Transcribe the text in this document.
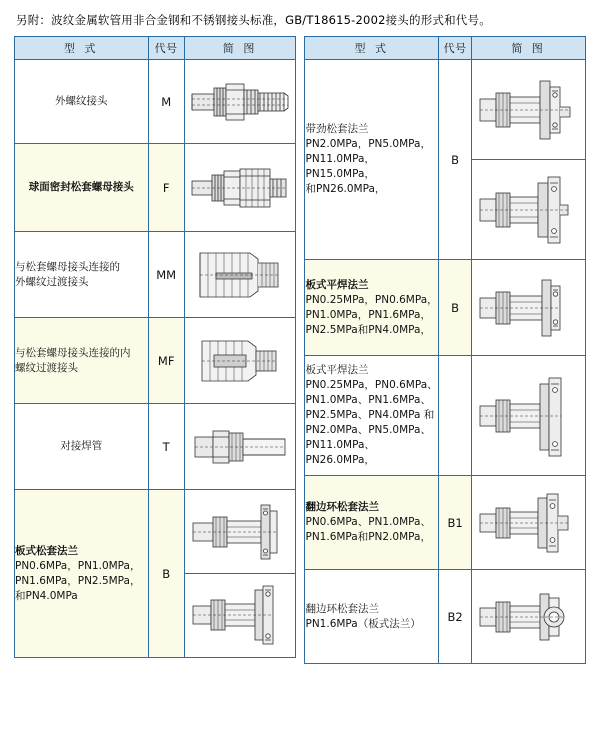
另附：波纹金属软管用非合金钢和不锈钢接头标准，GB/T18615-2002接头的形式和代号。
型 式	代号	简 图

外螺纹接头	M	

球面密封松套螺母接头	F	

与松套螺母接头连接的
外螺纹过渡接头	MM	

与松套螺母接头连接的内
螺纹过渡接头	MF	

对接焊管	T	

板式松套法兰
PN0.6MPa，PN1.0MPa，
PN1.6MPa，PN2.5MPa，
和PN4.0MPa	B	
型 式	代号	简 图

带劲松套法兰
PN2.0MPa，PN5.0MPa，
PN11.0MPa，PN15.0MPa，
和PN26.0MPa，	B	

板式平焊法兰
PN0.25MPa，PN0.6MPa，
PN1.0MPa，PN1.6MPa，
PN2.5MPa和PN4.0MPa，	B	

板式平焊法兰
PN0.25MPa，PN0.6MPa、
PN1.0MPa、PN1.6MPa、
PN2.5MPa、PN4.0MPa 和
PN2.0MPa、PN5.0MPa、
PN11.0MPa、PN26.0MPa，

翻边环松套法兰
PN0.6MPa、PN1.0MPa、
PN1.6MPa和PN2.0MPa，	B1	

翻边环松套法兰
PN1.6MPa（板式法兰）	B2	
